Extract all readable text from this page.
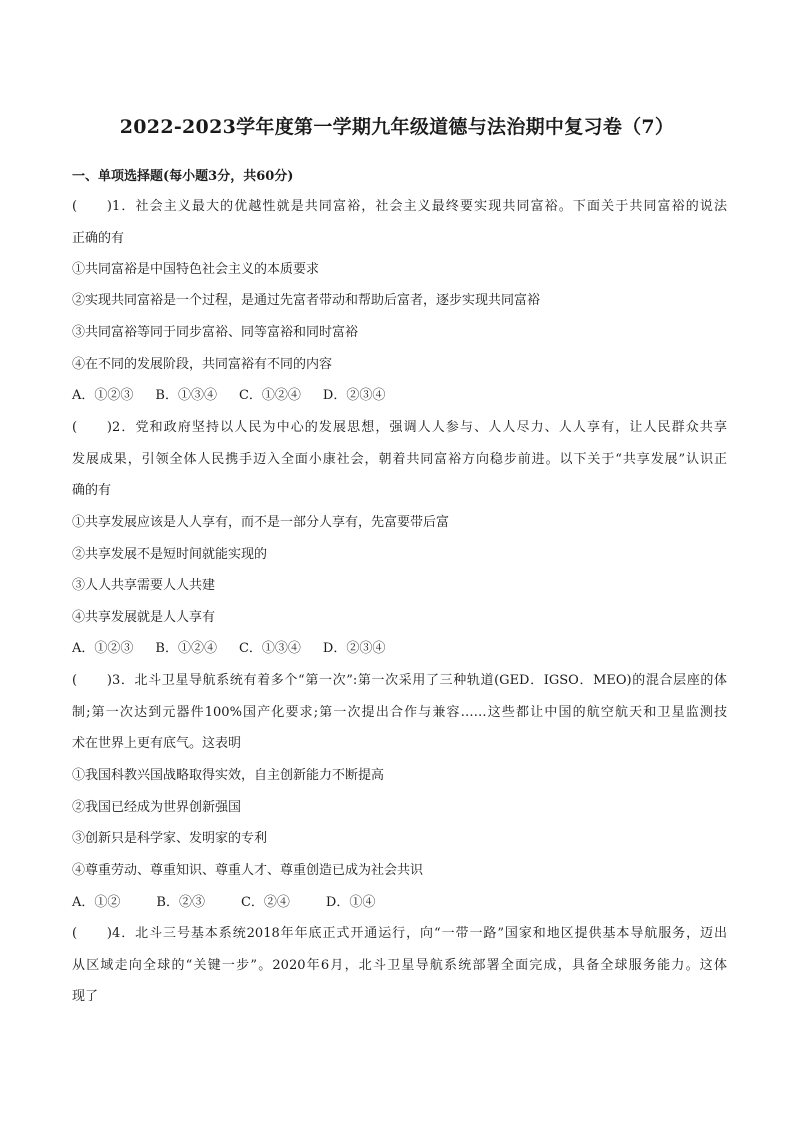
2022-2023学年度第一学期九年级道德与法治期中复习卷（7）
一、单项选择题(每小题3分，共60分)
( )1．社会主义最大的优越性就是共同富裕，社会主义最终要实现共同富裕。下面关于共同富裕的说法
正确的有
①共同富裕是中国特色社会主义的本质要求
②实现共同富裕是一个过程，是通过先富者带动和帮助后富者，逐步实现共同富裕
③共同富裕等同于同步富裕、同等富裕和同时富裕
④在不同的发展阶段，共同富裕有不同的内容
A．①②③ B．①③④ C．①②④ D．②③④
( )2．党和政府坚持以人民为中心的发展思想，强调人人参与、人人尽力、人人享有，让人民群众共享
发展成果，引领全体人民携手迈入全面小康社会，朝着共同富裕方向稳步前进。以下关于“共享发展”认识正
确的有
①共享发展应该是人人享有，而不是一部分人享有，先富要带后富
②共享发展不是短时间就能实现的
③人人共享需要人人共建
④共享发展就是人人享有
A．①②③ B．①②④ C．①③④ D．②③④
( )3．北斗卫星导航系统有着多个“第一次”:第一次采用了三种轨道(GED．IGSO．MEO)的混合层座的体
制;第一次达到元器件100%国产化要求;第一次提出合作与兼容……这些都让中国的航空航天和卫星监测技
术在世界上更有底气。这表明
①我国科教兴国战略取得实效，自主创新能力不断提高
②我国已经成为世界创新强国
③创新只是科学家、发明家的专利
④尊重劳动、尊重知识、尊重人才、尊重创造已成为社会共识
A．①②	B．②③	C．②④	D．①④
( )4．北斗三号基本系统2018年年底正式开通运行，向“一带一路”国家和地区提供基本导航服务，迈出
从区域走向全球的“关键一步”。2020年6月，北斗卫星导航系统部署全面完成，具备全球服务能力。这体
现了
